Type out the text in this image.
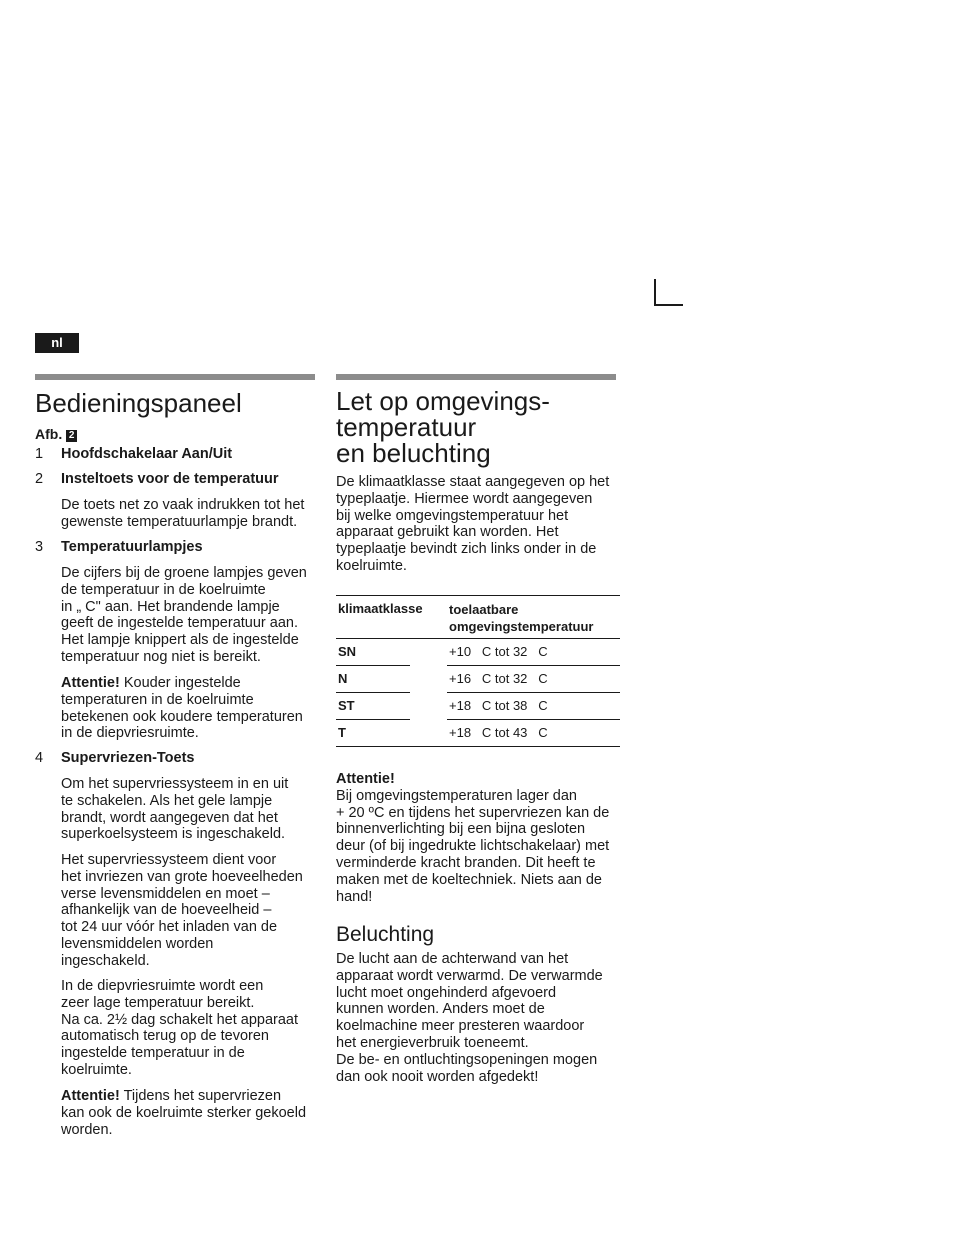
nl
Bedieningspaneel
Afb. 2
1 Hoofdschakelaar Aan/Uit
2 Insteltoets voor de temperatuur
De toets net zo vaak indrukken tot het
gewenste temperatuurlampje brandt.
3 Temperatuurlampjes
De cijfers bij de groene lampjes geven
de temperatuur in de koelruimte
in „ C" aan. Het brandende lampje
geeft de ingestelde temperatuur aan.
Het lampje knippert als de ingestelde
temperatuur nog niet is bereikt.
Attentie! Kouder ingestelde
temperaturen in de koelruimte
betekenen ook koudere temperaturen
in de diepvriesruimte.
4 Supervriezen-Toets
Om het supervriessysteem in en uit
te schakelen. Als het gele lampje
brandt, wordt aangegeven dat het
superkoelsysteem is ingeschakeld.
Het supervriessysteem dient voor
het invriezen van grote hoeveelheden
verse levensmiddelen en moet –
afhankelijk van de hoeveelheid –
tot 24 uur vóór het inladen van de
levensmiddelen worden
ingeschakeld.
In de diepvriesruimte wordt een
zeer lage temperatuur bereikt.
Na ca. 2½ dag schakelt het apparaat
automatisch terug op de tevoren
ingestelde temperatuur in de
koelruimte.
Attentie! Tijdens het supervriezen
kan ook de koelruimte sterker gekoeld
worden.
Let op omgevings-
temperatuur
en beluchting
De klimaatklasse staat aangegeven op het
typeplaatje. Hiermee wordt aangegeven
bij welke omgevingstemperatuur het
apparaat gebruikt kan worden. Het
typeplaatje bevindt zich links onder in de
koelruimte.
klimaatklasse toelaatbare
omgevingstemperatuur
SN	+10   C tot 32   C
N	+16   C tot 32   C
ST	+18   C tot 38   C
T	+18   C tot 43   C
Attentie!
Bij omgevingstemperaturen lager dan
+ 20 ºC en tijdens het supervriezen kan de
binnenverlichting bij een bijna gesloten
deur (of bij ingedrukte lichtschakelaar) met
verminderde kracht branden. Dit heeft te
maken met de koeltechniek. Niets aan de
hand!
Beluchting
De lucht aan de achterwand van het
apparaat wordt verwarmd. De verwarmde
lucht moet ongehinderd afgevoerd
kunnen worden. Anders moet de
koelmachine meer presteren waardoor
het energieverbruik toeneemt.
De be- en ontluchtingsopeningen mogen
dan ook nooit worden afgedekt!
